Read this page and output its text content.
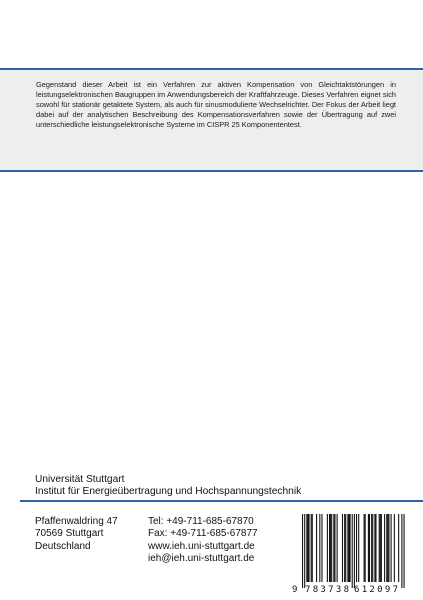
Gegenstand dieser Arbeit ist ein Verfahren zur aktiven Kompensation von Gleichtaktstörungen in leistungselektronischen Baugruppen im Anwendungsbereich der Kraftfahrzeuge. Dieses Verfahren eignet sich sowohl für stationär getaktete System, als auch für sinusmodulierte Wechselrichter. Der Fokus der Arbeit liegt dabei auf der analytischen Beschreibung des Kompensationsverfahren sowie der Übertragung auf zwei unterschiedliche leistungselektronische Systeme im CISPR 25 Komponententest.

Universität Stuttgart
Institut für Energieübertragung und Hochspannungstechnik
Pfaffenwaldring 47
70569 Stuttgart
Deutschland
Tel: +49-711-685-67870
Fax: +49-711-685-67877
www.ieh.uni-stuttgart.de
ieh@ieh.uni-stuttgart.de
9 783738 612097
